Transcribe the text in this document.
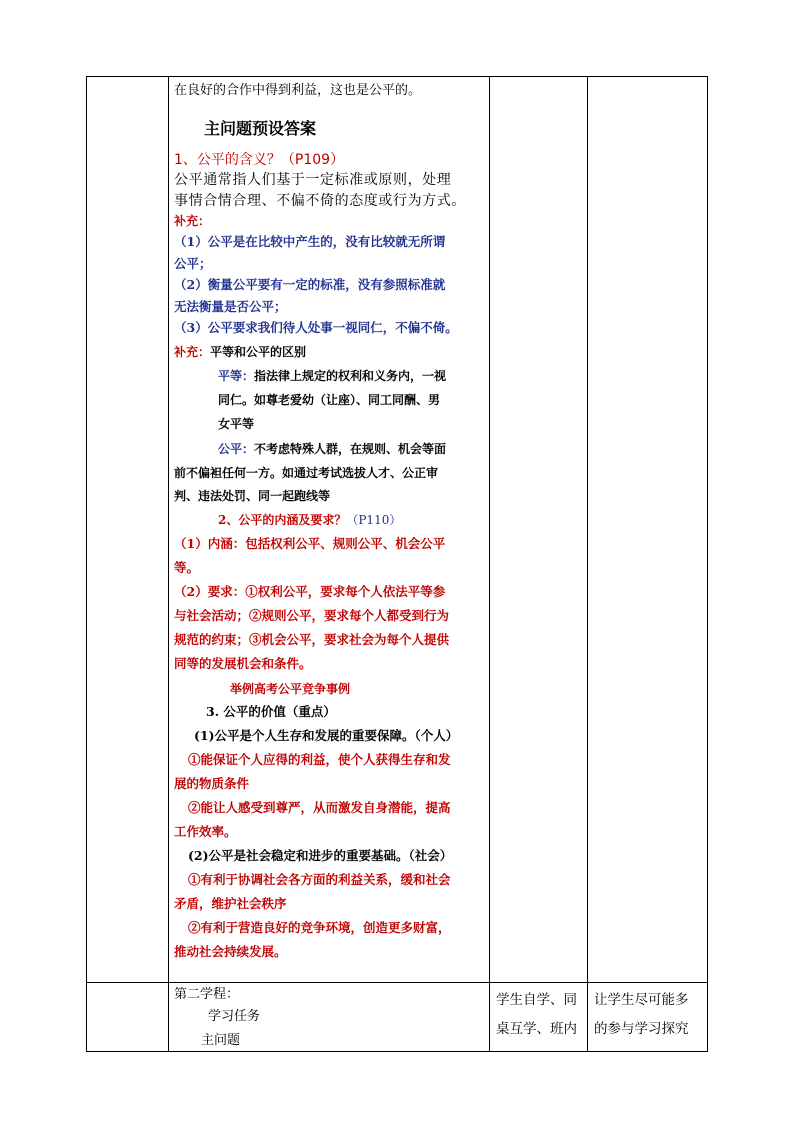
在良好的合作中得到利益，这也是公平的。
主问题预设答案
1、公平的含义？（P109）
公平通常指人们基于一定标准或原则，处理
事情合情合理、不偏不倚的态度或行为方式。
补充：
（1）公平是在比较中产生的，没有比较就无所谓
公平；
（2）衡量公平要有一定的标准，没有参照标准就
无法衡量是否公平；
（3）公平要求我们待人处事一视同仁，不偏不倚。
补充：平等和公平的区别
平等：指法律上规定的权利和义务内，一视
同仁。如尊老爱幼（让座）、同工同酬、男
女平等
公平：不考虑特殊人群，在规则、机会等面
前不偏袒任何一方。如通过考试选拔人才、公正审
判、违法处罚、同一起跑线等
2、公平的内涵及要求？（P110）
（1）内涵：包括权利公平、规则公平、机会公平
等。
（2）要求：①权利公平，要求每个人依法平等参
与社会活动；②规则公平，要求每个人都受到行为
规范的约束；③机会公平，要求社会为每个人提供
同等的发展机会和条件。
举例高考公平竞争事例
3. 公平的价值（重点）
(1)公平是个人生存和发展的重要保障。（个人）
①能保证个人应得的利益，使个人获得生存和发
展的物质条件
②能让人感受到尊严，从而激发自身潜能，提高
工作效率。
(2)公平是社会稳定和进步的重要基础。（社会）
①有利于协调社会各方面的利益关系，缓和社会
矛盾，维护社会秩序
②有利于营造良好的竞争环境，创造更多财富，
推动社会持续发展。
第二学程：
学习任务
主问题
学生自学、同
桌互学、班内
让学生尽可能多
的参与学习探究
